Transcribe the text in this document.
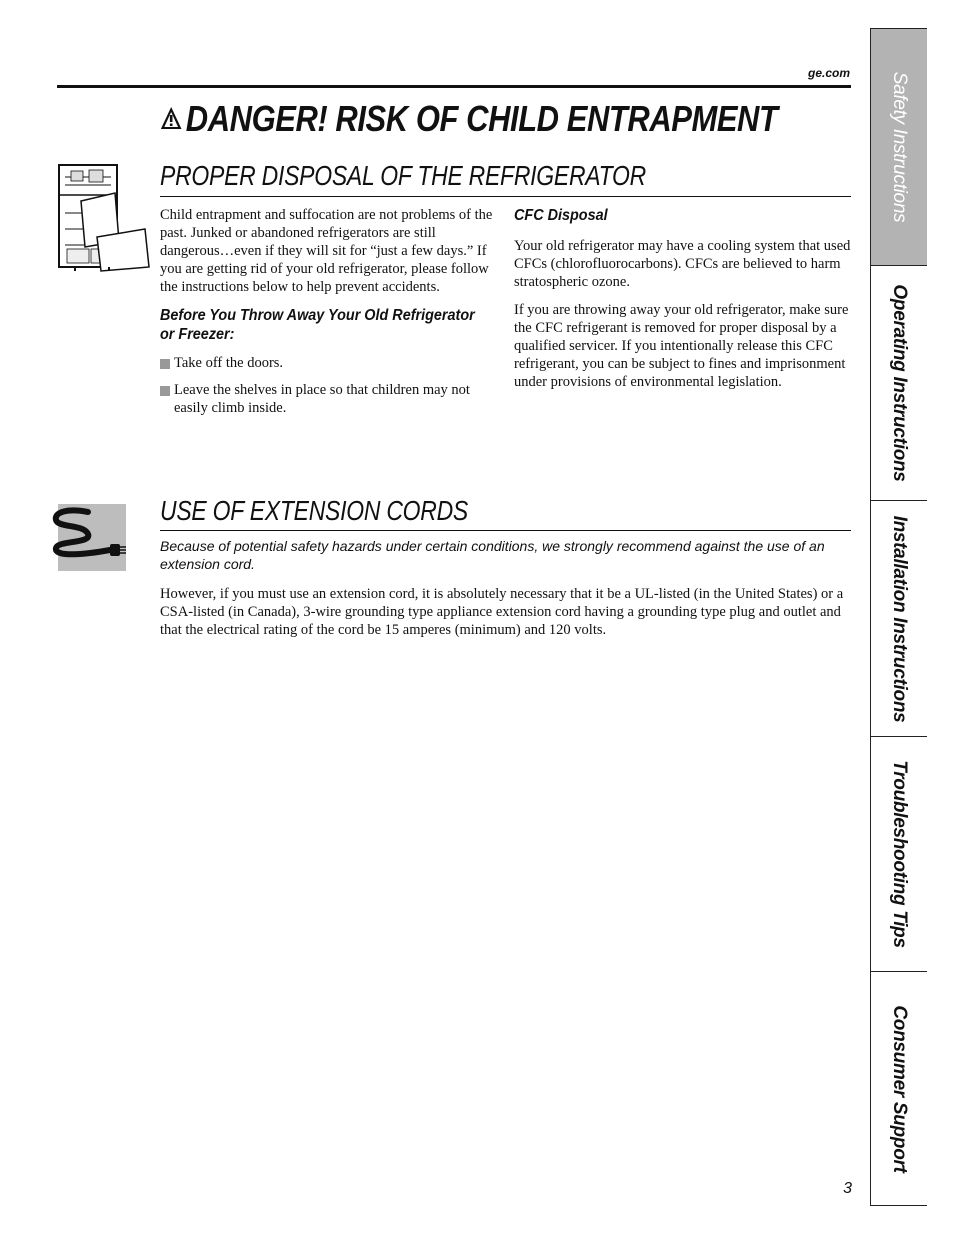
ge.com
DANGER! RISK OF CHILD ENTRAPMENT
PROPER DISPOSAL OF THE REFRIGERATOR

Child entrapment and suffocation are not problems of the past. Junked or abandoned refrigerators are still dangerous…even if they will sit for “just a few days.” If you are getting rid of your old refrigerator, please follow the instructions below to help prevent accidents.

Before You Throw Away Your Old Refrigerator or Freezer:
Take off the doors.
Leave the shelves in place so that children may not easily climb inside.
CFC Disposal

Your old refrigerator may have a cooling system that used CFCs (chlorofluorocarbons). CFCs are believed to harm stratospheric ozone.

If you are throwing away your old refrigerator, make sure the CFC refrigerant is removed for proper disposal by a qualified servicer. If you intentionally release this CFC refrigerant, you can be subject to fines and imprisonment under provisions of environmental legislation.

USE OF EXTENSION CORDS
Because of potential safety hazards under certain conditions, we strongly recommend against the use of an extension cord.
However, if you must use an extension cord, it is absolutely necessary that it be a UL-listed (in the United States) or a CSA-listed (in Canada), 3-wire grounding type appliance extension cord having a grounding type plug and outlet and that the electrical rating of the cord be 15 amperes (minimum) and 120 volts.
Safety Instructions
Operating Instructions
Installation Instructions
Troubleshooting Tips
Consumer Support
3
